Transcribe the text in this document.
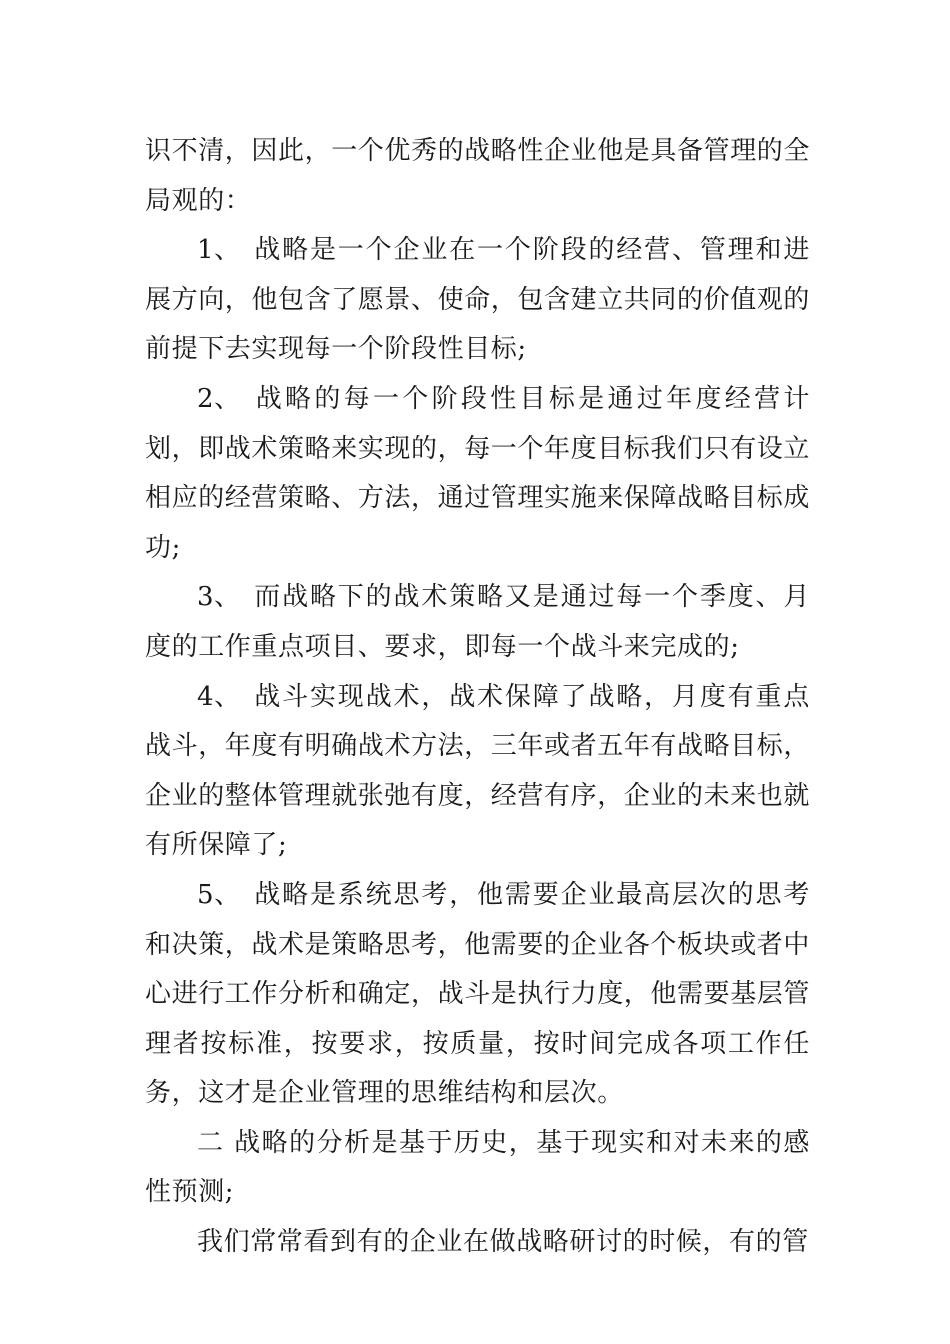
识不清，因此，一个优秀的战略性企业他是具备管理的全局观的：

1、 战略是一个企业在一个阶段的经营、管理和进展方向，他包含了愿景、使命，包含建立共同的价值观的前提下去实现每一个阶段性目标;

2、 战略的每一个阶段性目标是通过年度经营计划，即战术策略来实现的，每一个年度目标我们只有设立相应的经营策略、方法，通过管理实施来保障战略目标成功;

3、 而战略下的战术策略又是通过每一个季度、月度的工作重点项目、要求，即每一个战斗来完成的;

4、 战斗实现战术，战术保障了战略，月度有重点战斗，年度有明确战术方法，三年或者五年有战略目标，企业的整体管理就张弛有度，经营有序，企业的未来也就有所保障了;

5、 战略是系统思考，他需要企业最高层次的思考和决策，战术是策略思考，他需要的企业各个板块或者中心进行工作分析和确定，战斗是执行力度，他需要基层管理者按标准，按要求，按质量，按时间完成各项工作任务，这才是企业管理的思维结构和层次。

二 战略的分析是基于历史，基于现实和对未来的感性预测;

我们常常看到有的企业在做战略研讨的时候，有的管
